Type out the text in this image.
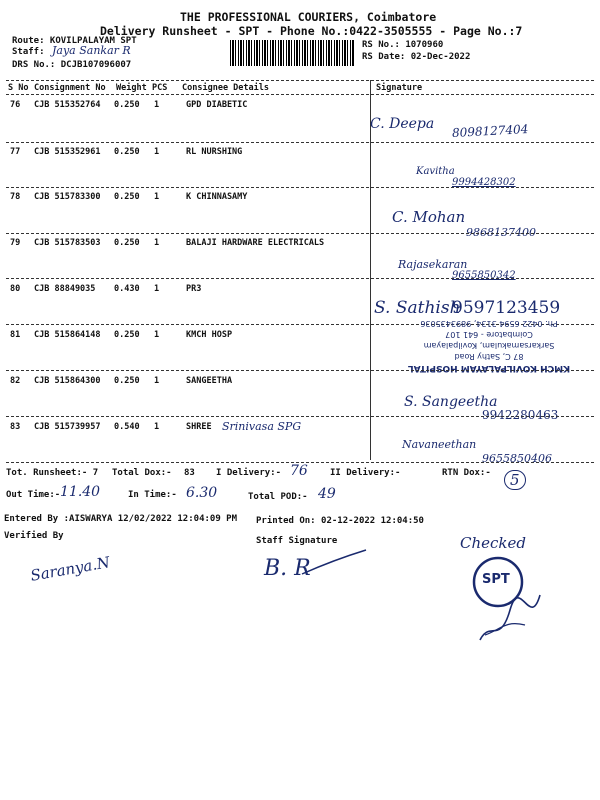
THE PROFESSIONAL COURIERS, Coimbatore
Delivery Runsheet - SPT - Phone No.:0422-3505555 - Page No.:7
Route: KOVILPALAYAM SPT
Staff: Jaya Sankar R
DRS No.: DCJB107096007
RS No.: 1070960
RS Date: 02-Dec-2022
S No Consignment No Weight PCS Consignee Details	Signature
76 CJB 515352764 0.250 1	GPD DIABETIC
C. Deepa 8098127404
77 CJB 515352961 0.250 1	RL NURSHING
Kavitha
9994428302
78 CJB 515783300 0.250 1	K CHINNASAMY
C. Mohan
9868137400
79 CJB 515783503 0.250 1	BALAJI HARDWARE ELECTRICALS
Rajasekaran
9655850342
80 CJB 88849035 0.430 1	PR3
S. Sathish
9597123459
81 CJB 515864148 0.250 1	KMCH HOSP
Ph: 0422 6594 3134, 9893435036
Coimbatore - 641 107
Sarkarsamakulam, Kovilpalayam
87 C, Sathy Road
KMCH KOVILPALAYAM HOSPITAL
82 CJB 515864300 0.250 1	SANGEETHA
S. Sangeetha
9942280463
83 CJB 515739957 0.540 1	SHREE Srinivasa SPG
Navaneethan
9655850406
Tot. Runsheet:- 7 Total Dox:- 83 I Delivery:- 76 II Delivery:-	RTN Dox:-	5
Out Time:- 11.40	In Time:- 6.30	Total POD:- 49
Entered By :AISWARYA 12/02/2022 12:04:09 PM Printed On: 02-12-2022 12:04:50
Verified By	Staff Signature
Saranya.N	B. R
Checked
SPT
